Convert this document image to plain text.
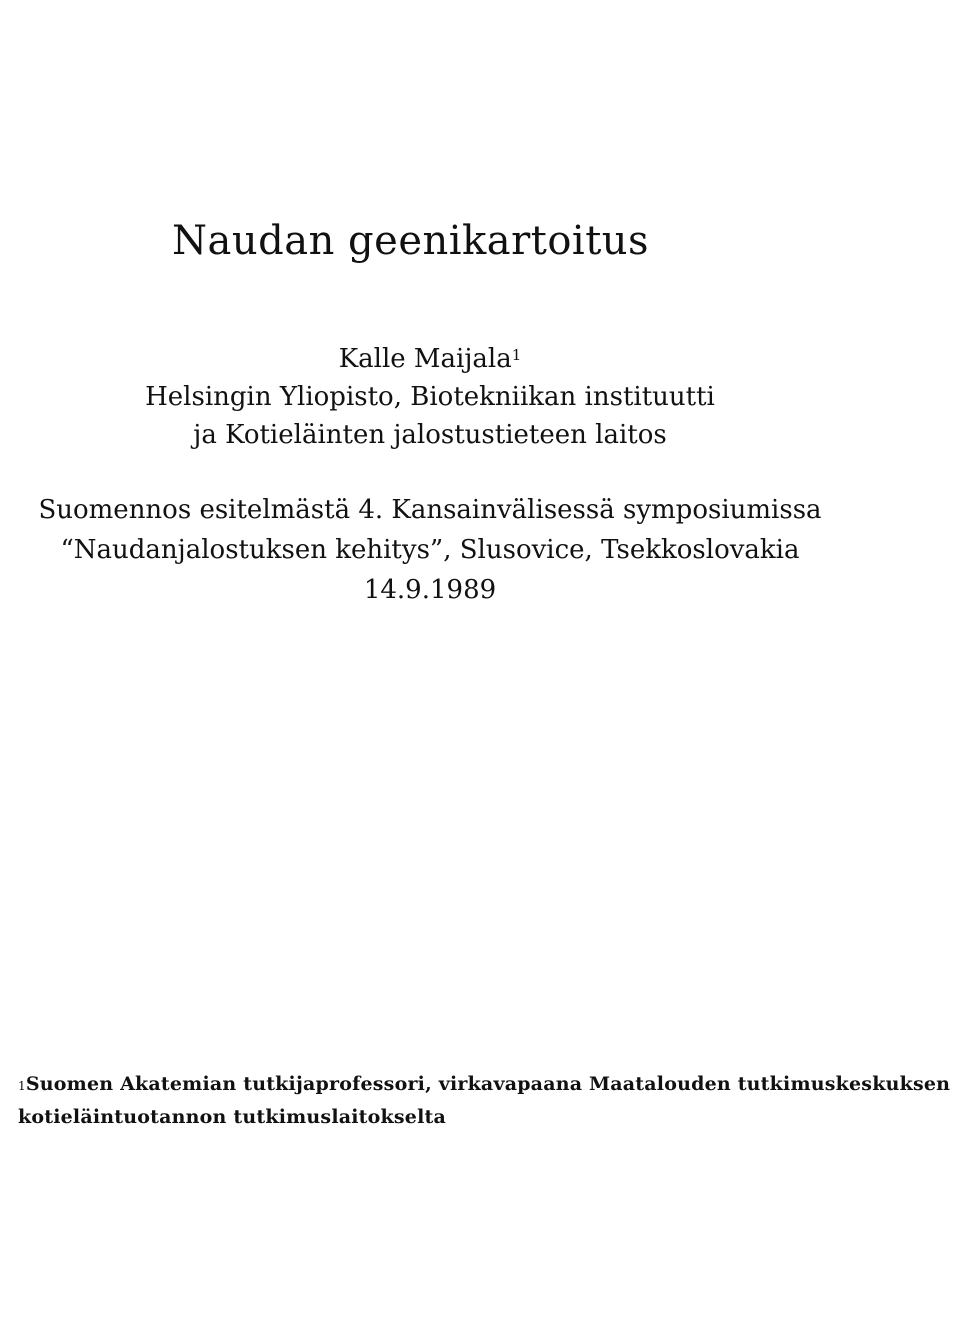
Naudan geenikartoitus
Kalle Maijala$^1$
Helsingin Yliopisto, Biotekniikan instituutti
ja Kotieläinten jalostustieteen laitos
Suomennos esitelmästä 4. Kansainvälisessä symposiumissa
“Naudanjalostuksen kehitys”, Slusovice, Tsekkoslovakia
14.9.1989
$^1$Suomen Akatemian tutkijaprofessori, virkavapaana Maatalouden tutkimuskeskuksen
kotieläintuotannon tutkimuslaitokselta
